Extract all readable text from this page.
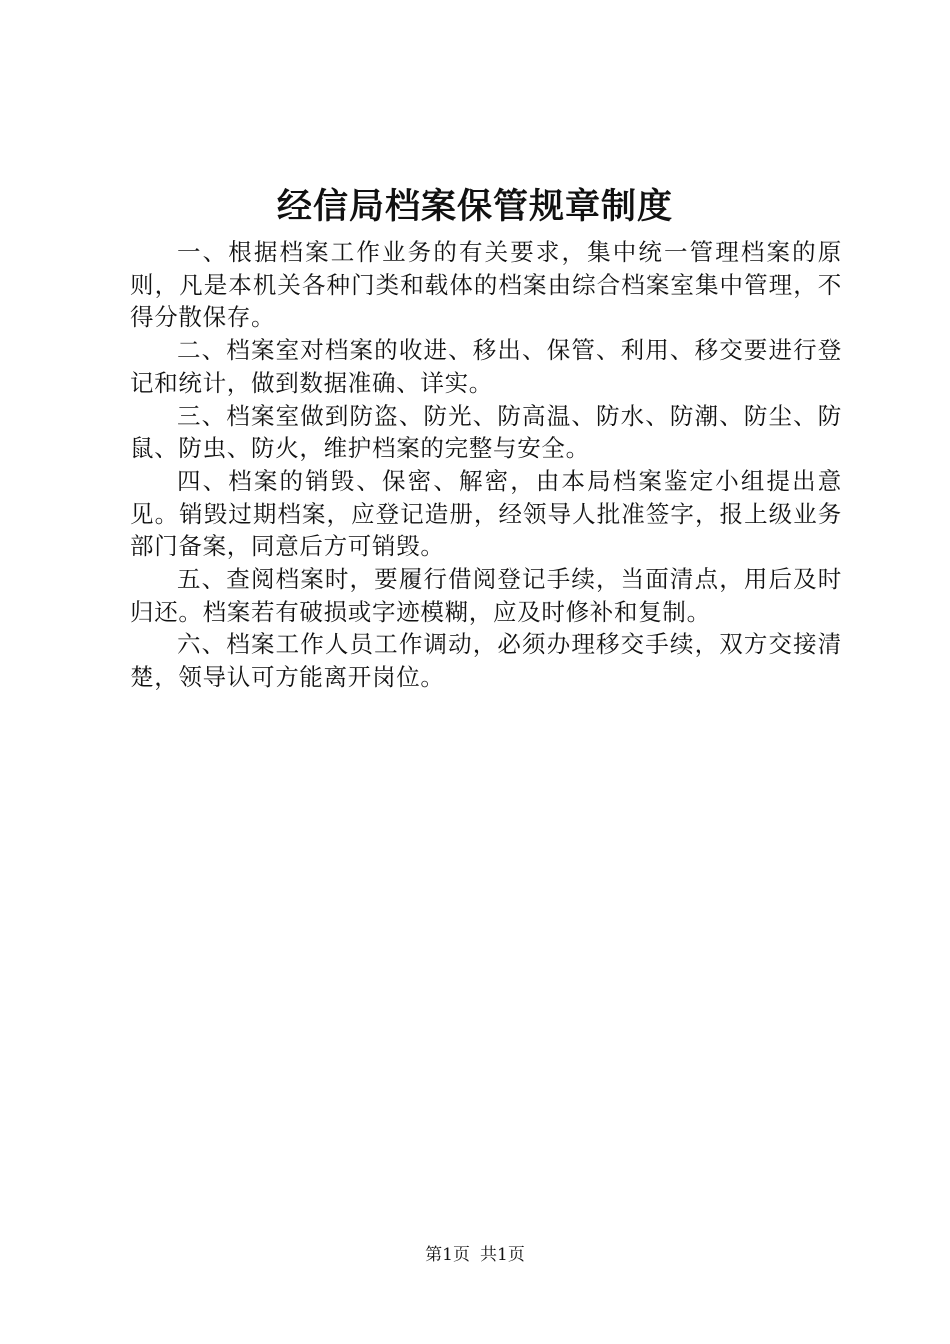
经信局档案保管规章制度

一、根据档案工作业务的有关要求，集中统一管理档案的原则，凡是本机关各种门类和载体的档案由综合档案室集中管理，不得分散保存。

二、档案室对档案的收进、移出、保管、利用、移交要进行登记和统计，做到数据准确、详实。

三、档案室做到防盗、防光、防高温、防水、防潮、防尘、防鼠、防虫、防火，维护档案的完整与安全。

四、档案的销毁、保密、解密，由本局档案鉴定小组提出意见。销毁过期档案，应登记造册，经领导人批准签字，报上级业务部门备案，同意后方可销毁。

五、查阅档案时，要履行借阅登记手续，当面清点，用后及时归还。档案若有破损或字迹模糊，应及时修补和复制。

六、档案工作人员工作调动，必须办理移交手续，双方交接清楚，领导认可方能离开岗位。

第1页 共1页
